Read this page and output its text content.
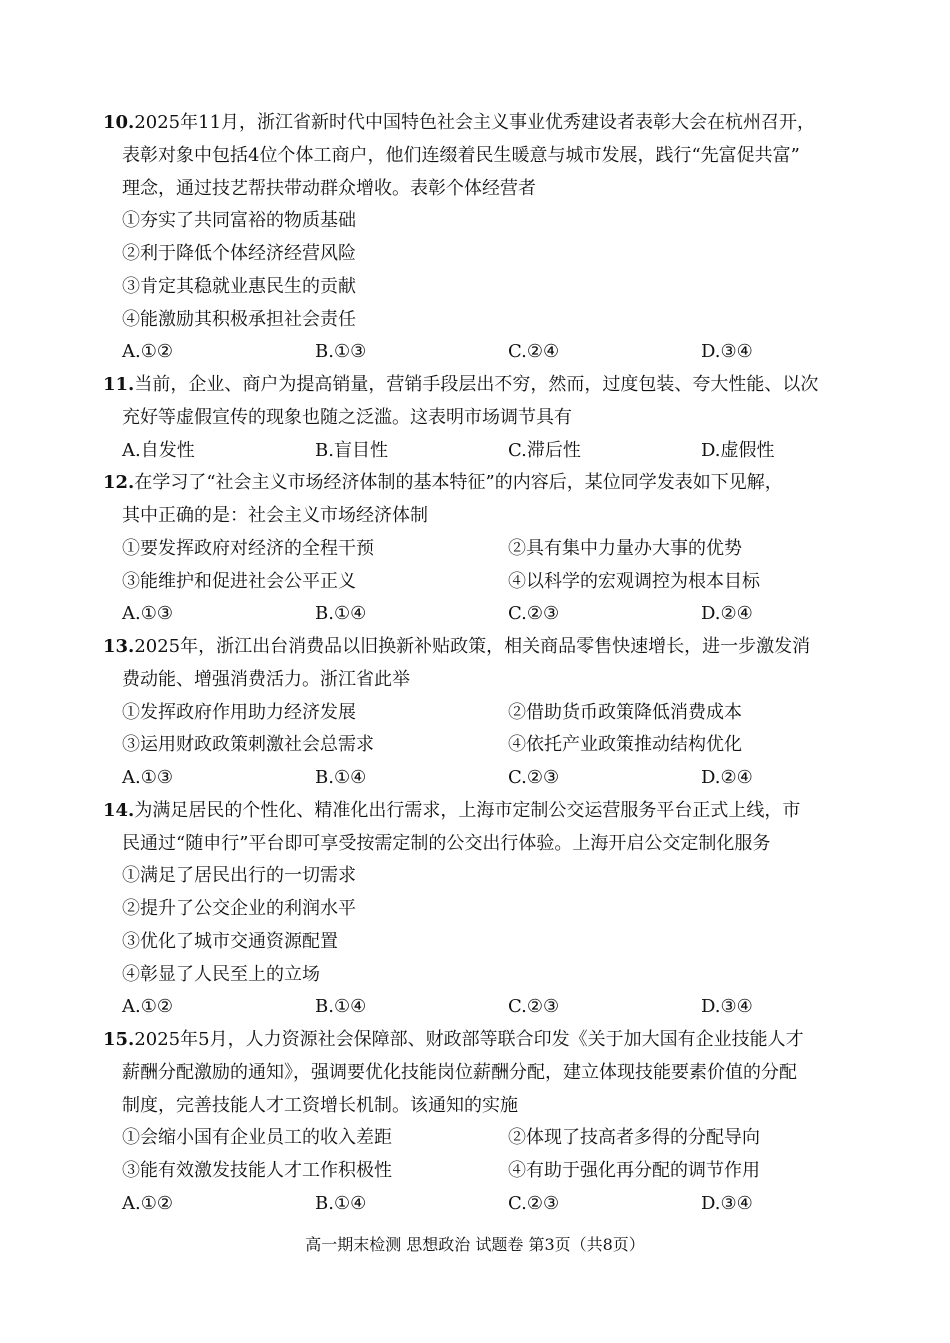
10.2025年11月，浙江省新时代中国特色社会主义事业优秀建设者表彰大会在杭州召开，
表彰对象中包括4位个体工商户，他们连缀着民生暖意与城市发展，践行“先富促共富”
理念，通过技艺帮扶带动群众增收。表彰个体经营者
①夯实了共同富裕的物质基础
②利于降低个体经济经营风险
③肯定其稳就业惠民生的贡献
④能激励其积极承担社会责任
A.①②	B.①③	C.②④	D.③④
11.当前，企业、商户为提高销量，营销手段层出不穷，然而，过度包装、夸大性能、以次
充好等虚假宣传的现象也随之泛滥。这表明市场调节具有
A.自发性	B.盲目性	C.滞后性	D.虚假性
12.在学习了“社会主义市场经济体制的基本特征”的内容后，某位同学发表如下见解，
其中正确的是：社会主义市场经济体制
①要发挥政府对经济的全程干预	②具有集中力量办大事的优势
③能维护和促进社会公平正义	④以科学的宏观调控为根本目标
A.①③	B.①④	C.②③	D.②④
13.2025年，浙江出台消费品以旧换新补贴政策，相关商品零售快速增长，进一步激发消
费动能、增强消费活力。浙江省此举
①发挥政府作用助力经济发展	②借助货币政策降低消费成本
③运用财政政策刺激社会总需求	④依托产业政策推动结构优化
A.①③	B.①④	C.②③	D.②④
14.为满足居民的个性化、精准化出行需求，上海市定制公交运营服务平台正式上线，市
民通过“随申行”平台即可享受按需定制的公交出行体验。上海开启公交定制化服务
①满足了居民出行的一切需求
②提升了公交企业的利润水平
③优化了城市交通资源配置
④彰显了人民至上的立场
A.①②	B.①④	C.②③	D.③④
15.2025年5月，人力资源社会保障部、财政部等联合印发《关于加大国有企业技能人才
薪酬分配激励的通知》，强调要优化技能岗位薪酬分配，建立体现技能要素价值的分配
制度，完善技能人才工资增长机制。该通知的实施
①会缩小国有企业员工的收入差距	②体现了技高者多得的分配导向
③能有效激发技能人才工作积极性	④有助于强化再分配的调节作用
A.①②	B.①④	C.②③	D.③④
高一期末检测 思想政治 试题卷 第3页（共8页）
